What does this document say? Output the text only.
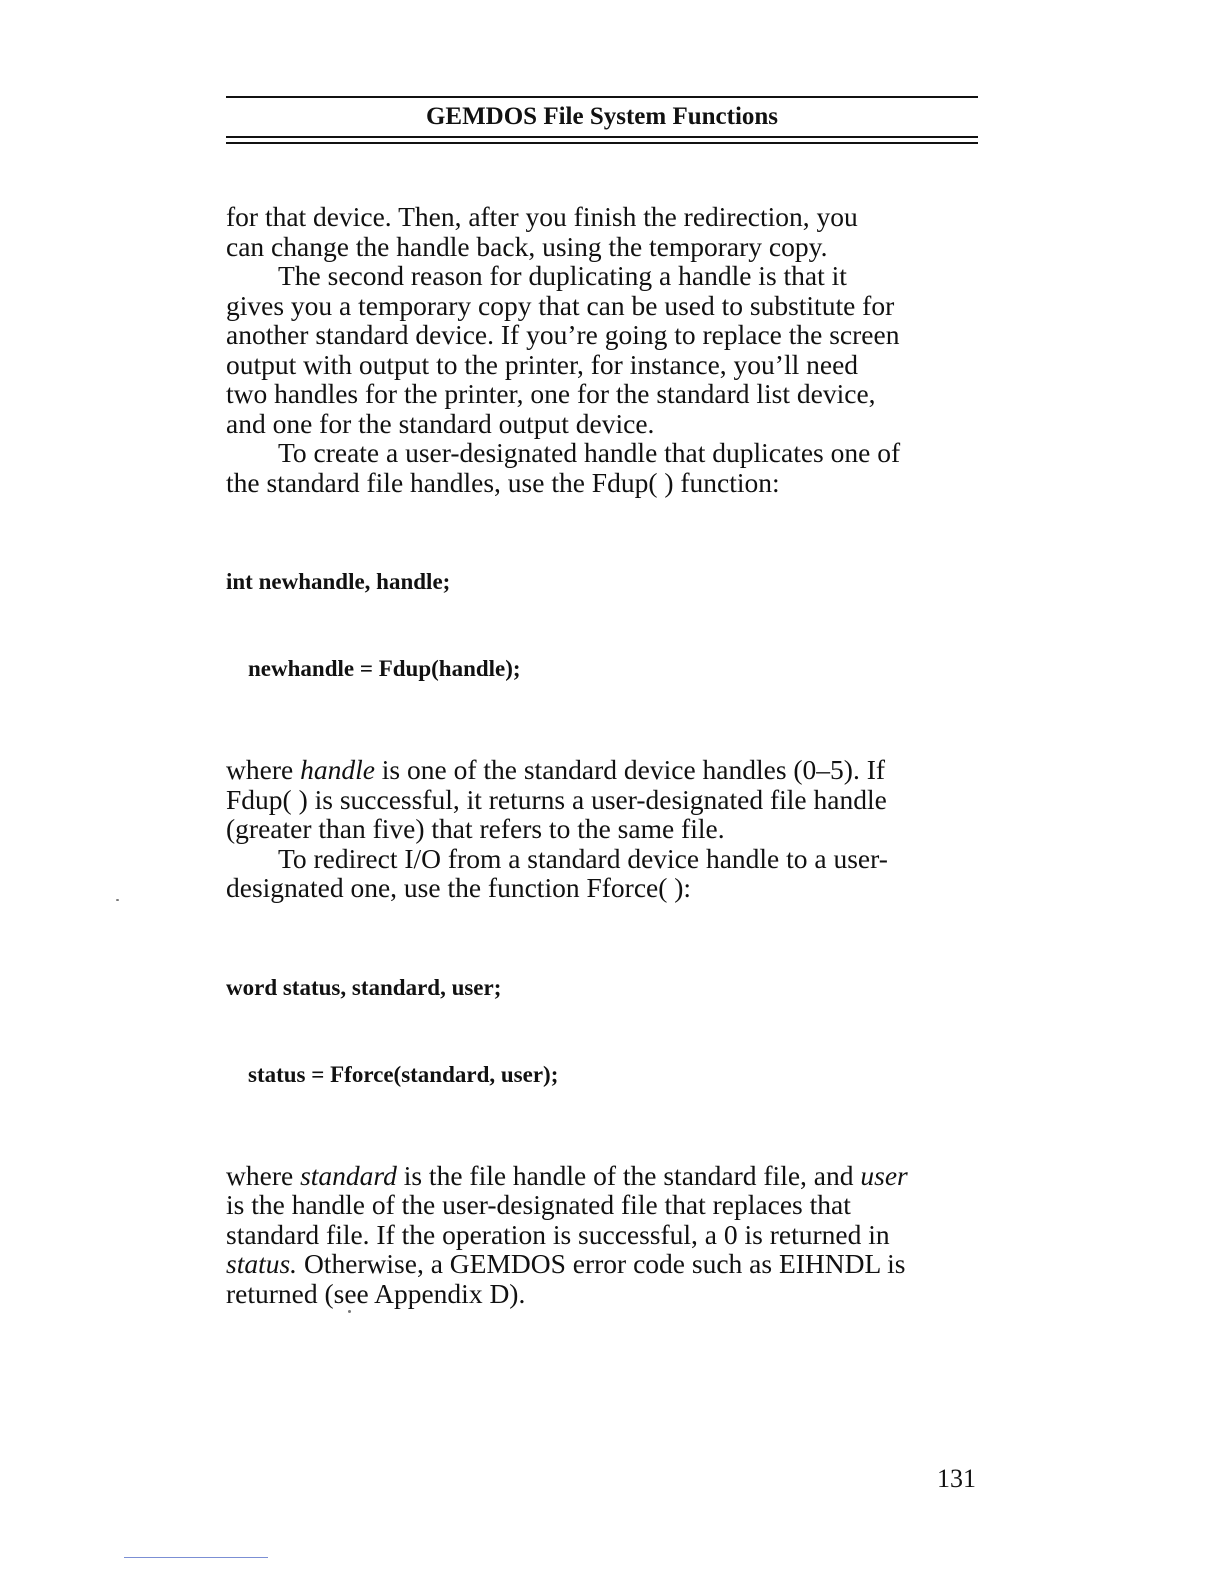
GEMDOS File System Functions

for that device. Then, after you finish the redirection, you

can change the handle back, using the temporary copy.

The second reason for duplicating a handle is that it

gives you a temporary copy that can be used to substitute for

another standard device. If you’re going to replace the screen

output with output to the printer, for instance, you’ll need

two handles for the printer, one for the standard list device,

and one for the standard output device.

To create a user-designated handle that duplicates one of

the standard file handles, use the Fdup( ) function:

int newhandle, handle;

newhandle = Fdup(handle);

where handle is one of the standard device handles (0–5). If

Fdup( ) is successful, it returns a user-designated file handle

(greater than five) that refers to the same file.

To redirect I/O from a standard device handle to a user-

designated one, use the function Fforce( ):

word status, standard, user;

status = Fforce(standard, user);

where standard is the file handle of the standard file, and user

is the handle of the user-designated file that replaces that

standard file. If the operation is successful, a 0 is returned in

status. Otherwise, a GEMDOS error code such as EIHNDL is

returned (see Appendix D).

131
